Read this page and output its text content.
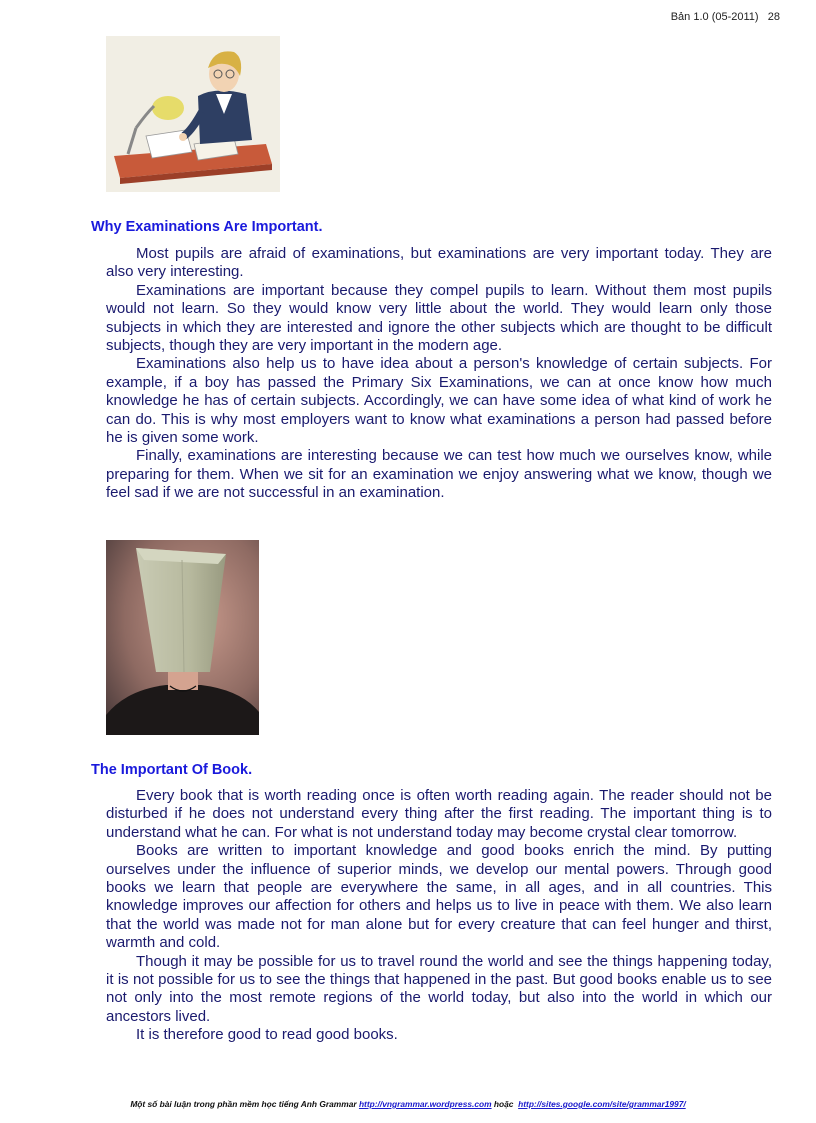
Bản 1.0 (05-2011) 28
Why Examinations Are Important.

Most pupils are afraid of examinations, but examinations are very important today. They are also very interesting.

Examinations are important because they compel pupils to learn. Without them most pupils would not learn. So they would know very little about the world. They would learn only those subjects in which they are interested and ignore the other subjects which are thought to be difficult subjects, though they are very important in the modern age.

Examinations also help us to have idea about a person's knowledge of certain subjects. For example, if a boy has passed the Primary Six Examinations, we can at once know how much knowledge he has of certain subjects. Accordingly, we can have some idea of what kind of work he can do. This is why most employers want to know what examinations a person had passed before he is given some work.

Finally, examinations are interesting because we can test how much we ourselves know, while preparing for them. When we sit for an examination we enjoy answering what we know, though we feel sad if we are not successful in an examination.

The Important Of Book.

Every book that is worth reading once is often worth reading again. The reader should not be disturbed if he does not understand every thing after the first reading. The important thing is to understand what he can. For what is not understand today may become crystal clear tomorrow.

Books are written to important knowledge and good books enrich the mind. By putting ourselves under the influence of superior minds, we develop our mental powers. Through good books we learn that people are everywhere the same, in all ages, and in all countries. This knowledge improves our affection for others and helps us to live in peace with them. We also learn that the world was made not for man alone but for every creature that can feel hunger and thirst, warmth and cold.

Though it may be possible for us to travel round the world and see the things happening today, it is not possible for us to see the things that happened in the past. But good books enable us to see not only into the most remote regions of the world today, but also into the world in which our ancestors lived.

It is therefore good to read good books.

Một số bài luận trong phần mềm học tiếng Anh Grammar http://vngrammar.wordpress.com hoặc http://sites.google.com/site/grammar1997/
